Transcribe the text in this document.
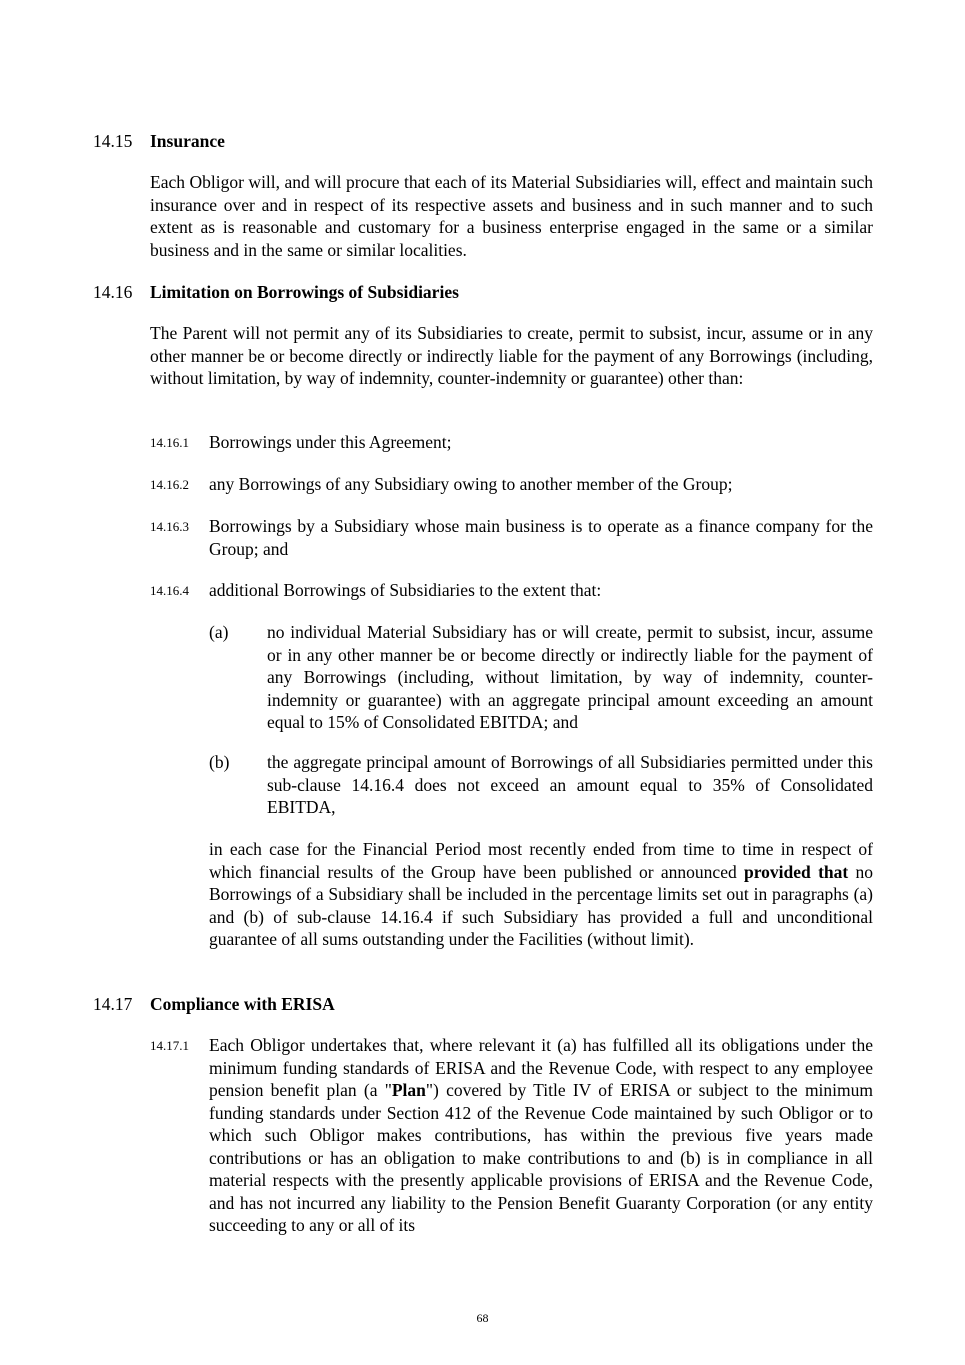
14.15 Insurance
Each Obligor will, and will procure that each of its Material Subsidiaries will, effect and maintain such insurance over and in respect of its respective assets and business and in such manner and to such extent as is reasonable and customary for a business enterprise engaged in the same or a similar business and in the same or similar localities.
14.16 Limitation on Borrowings of Subsidiaries
The Parent will not permit any of its Subsidiaries to create, permit to subsist, incur, assume or in any other manner be or become directly or indirectly liable for the payment of any Borrowings (including, without limitation, by way of indemnity, counter-indemnity or guarantee) other than:
14.16.1 Borrowings under this Agreement;
14.16.2 any Borrowings of any Subsidiary owing to another member of the Group;
14.16.3 Borrowings by a Subsidiary whose main business is to operate as a finance company for the Group; and
14.16.4 additional Borrowings of Subsidiaries to the extent that:
(a) no individual Material Subsidiary has or will create, permit to subsist, incur, assume or in any other manner be or become directly or indirectly liable for the payment of any Borrowings (including, without limitation, by way of indemnity, counter-indemnity or guarantee) with an aggregate principal amount exceeding an amount equal to 15% of Consolidated EBITDA; and
(b) the aggregate principal amount of Borrowings of all Subsidiaries permitted under this sub-clause 14.16.4 does not exceed an amount equal to 35% of Consolidated EBITDA,
in each case for the Financial Period most recently ended from time to time in respect of which financial results of the Group have been published or announced provided that no Borrowings of a Subsidiary shall be included in the percentage limits set out in paragraphs (a) and (b) of sub-clause 14.16.4 if such Subsidiary has provided a full and unconditional guarantee of all sums outstanding under the Facilities (without limit).
14.17 Compliance with ERISA
14.17.1 Each Obligor undertakes that, where relevant it (a) has fulfilled all its obligations under the minimum funding standards of ERISA and the Revenue Code, with respect to any employee pension benefit plan (a "Plan") covered by Title IV of ERISA or subject to the minimum funding standards under Section 412 of the Revenue Code maintained by such Obligor or to which such Obligor makes contributions, has within the previous five years made contributions or has an obligation to make contributions to and (b) is in compliance in all material respects with the presently applicable provisions of ERISA and the Revenue Code, and has not incurred any liability to the Pension Benefit Guaranty Corporation (or any entity succeeding to any or all of its
68
